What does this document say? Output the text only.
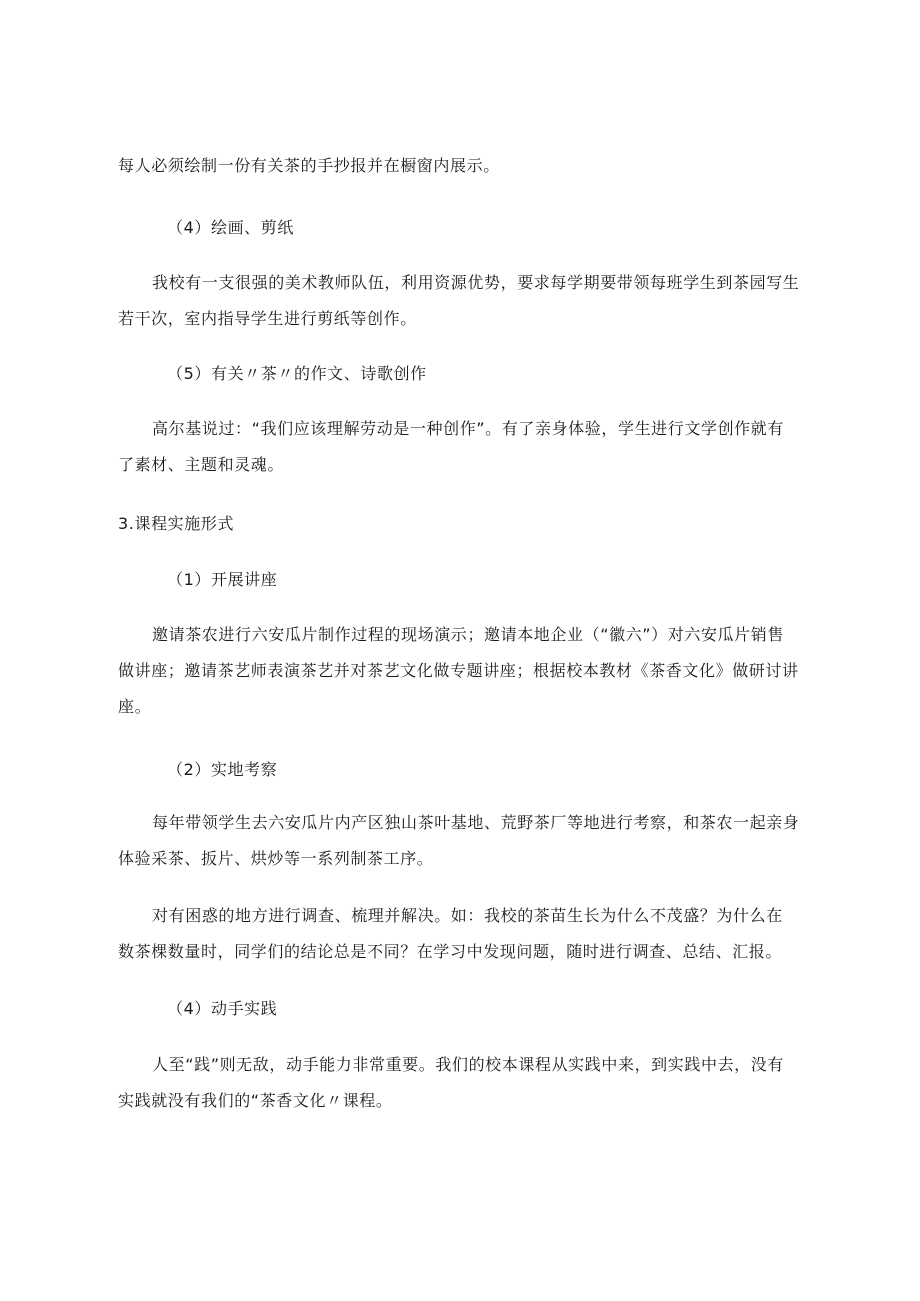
每人必须绘制一份有关茶的手抄报并在橱窗内展示。
（4）绘画、剪纸
我校有一支很强的美术教师队伍，利用资源优势，要求每学期要带领每班学生到茶园写生
若干次，室内指导学生进行剪纸等创作。
（5）有关〃茶〃的作文、诗歌创作
高尔基说过：“我们应该理解劳动是一种创作”。有了亲身体验，学生进行文学创作就有
了素材、主题和灵魂。
3.课程实施形式
（1）开展讲座
邀请茶农进行六安瓜片制作过程的现场演示；邀请本地企业（“徽六”）对六安瓜片销售
做讲座；邀请茶艺师表演茶艺并对茶艺文化做专题讲座；根据校本教材《茶香文化》做研讨讲
座。
（2）实地考察
每年带领学生去六安瓜片内产区独山茶叶基地、荒野茶厂等地进行考察，和茶农一起亲身
体验采茶、扳片、烘炒等一系列制茶工序。
对有困惑的地方进行调查、梳理并解决。如：我校的茶苗生长为什么不茂盛？为什么在
数茶棵数量时，同学们的结论总是不同？在学习中发现问题，随时进行调查、总结、汇报。
（4）动手实践
人至“践”则无敌，动手能力非常重要。我们的校本课程从实践中来，到实践中去，没有
实践就没有我们的“茶香文化〃课程。
